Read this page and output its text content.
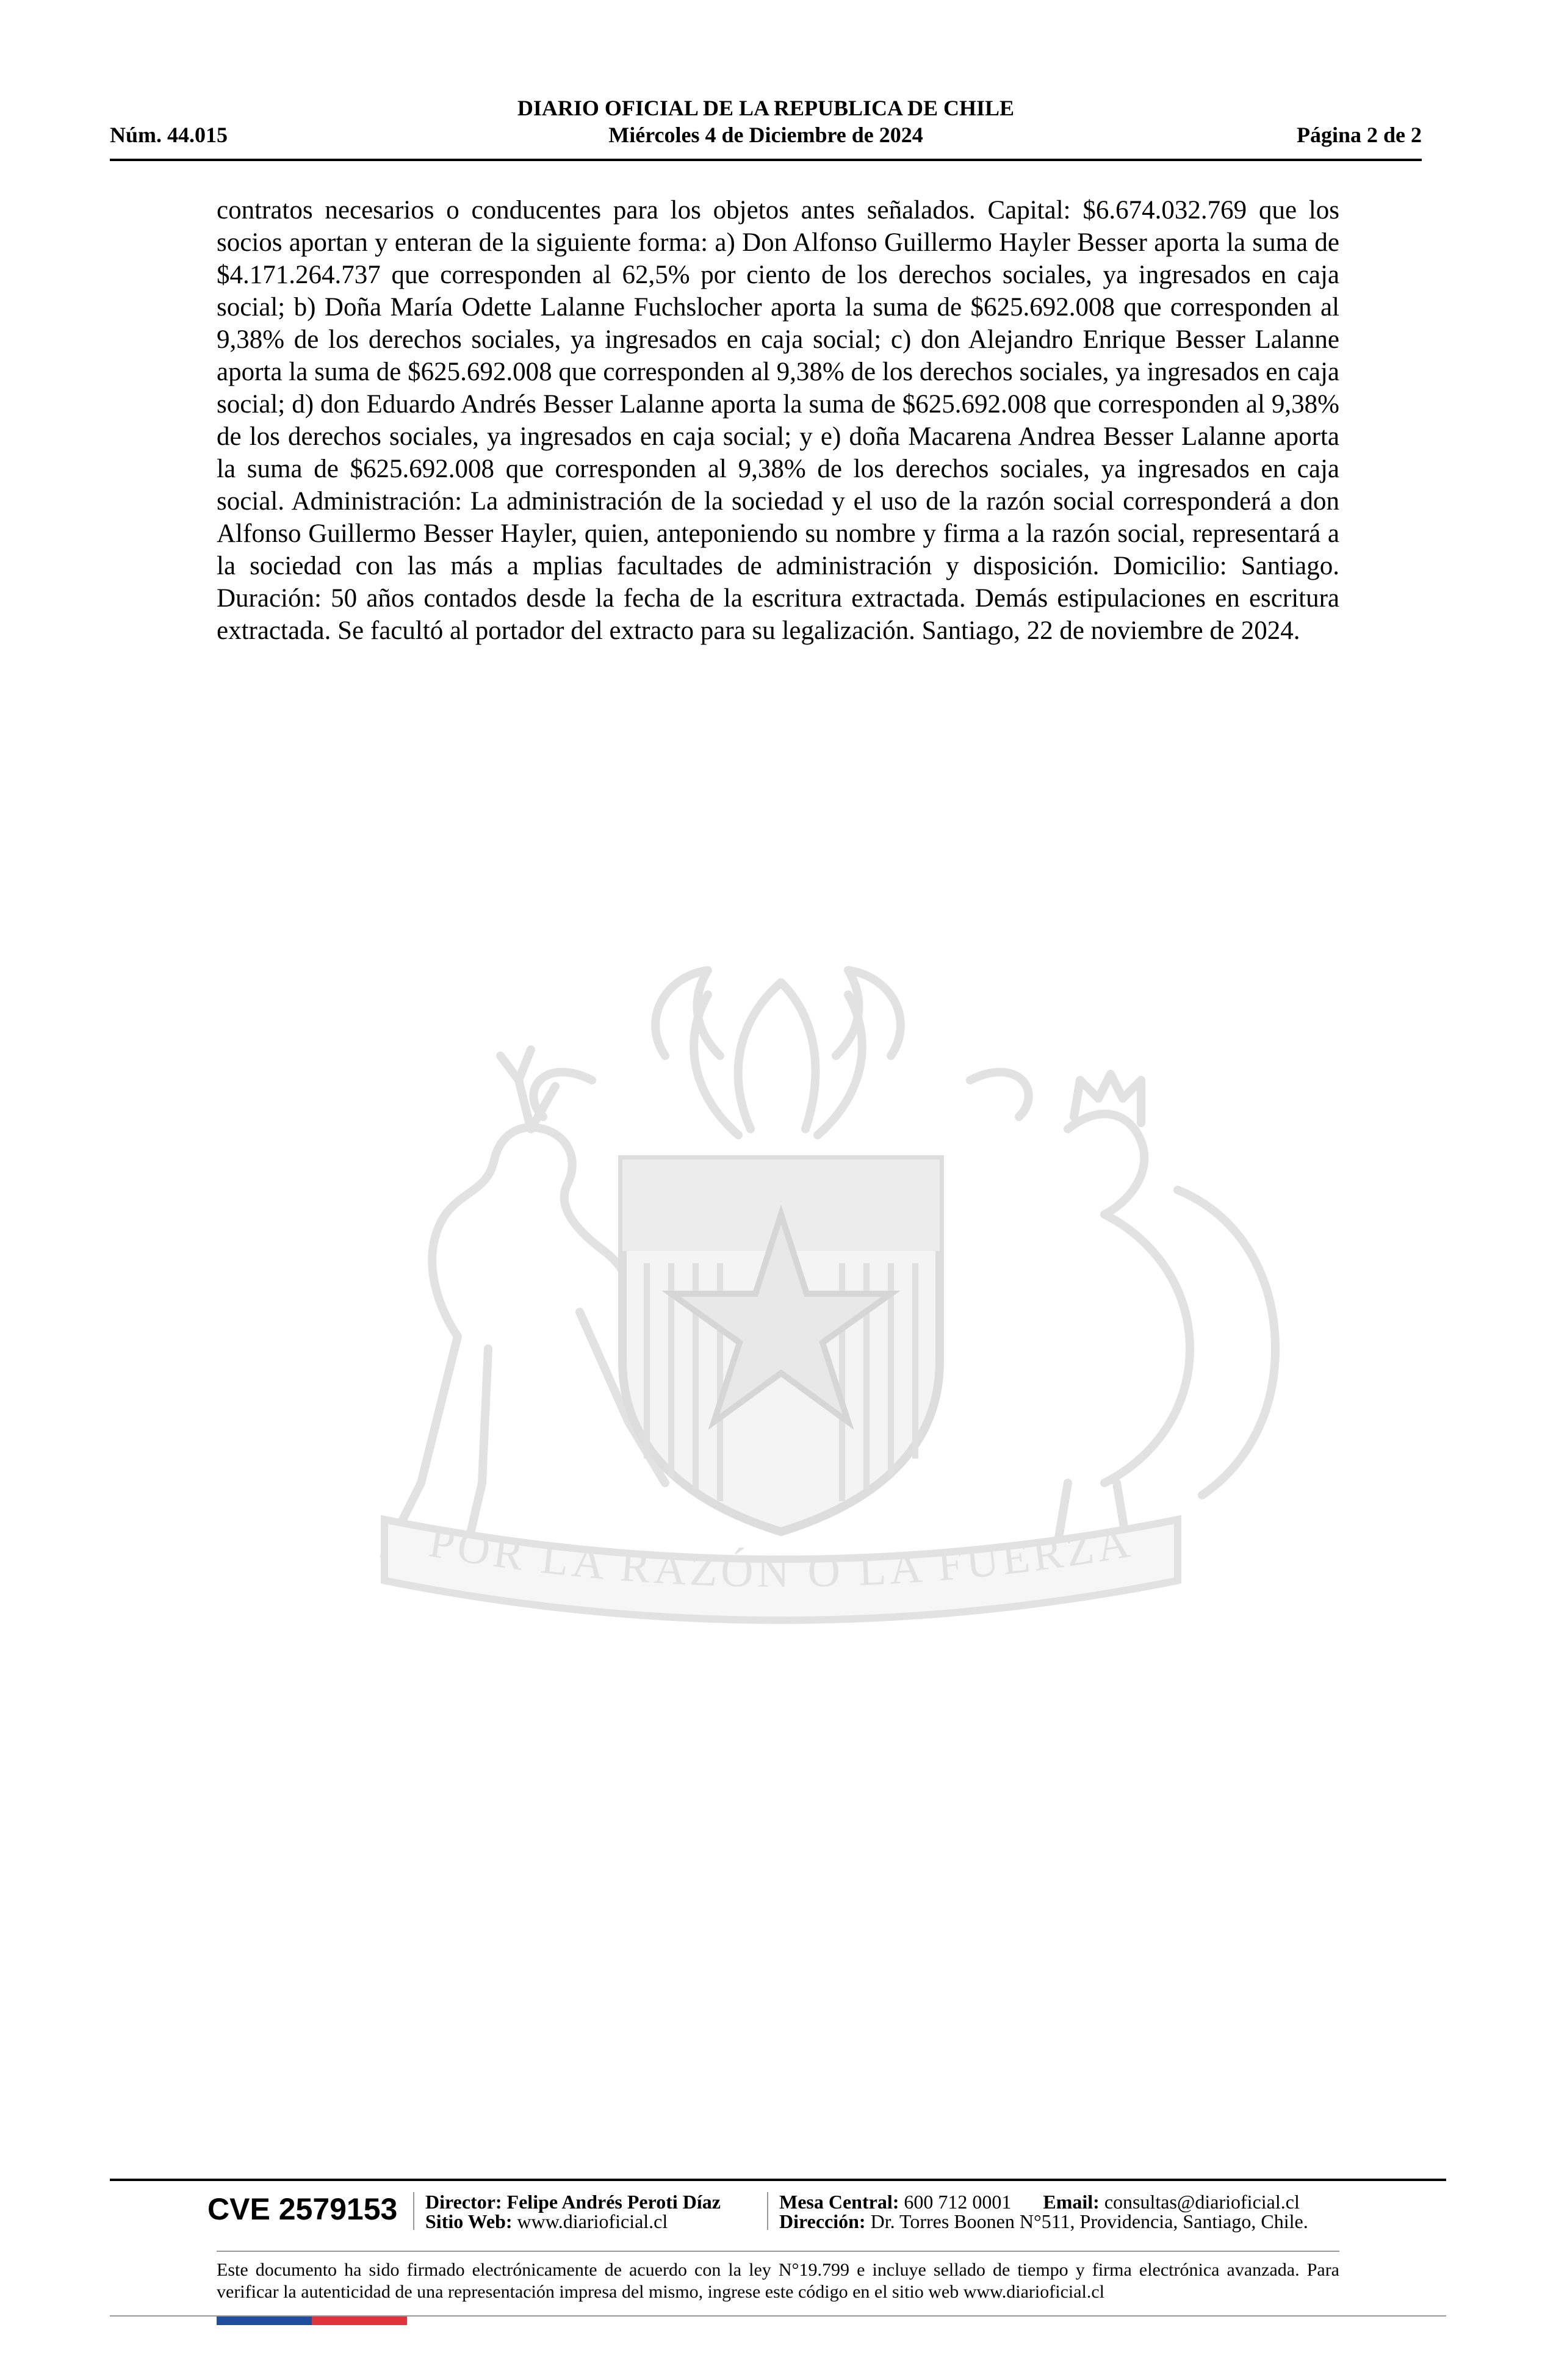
DIARIO OFICIAL DE LA REPUBLICA DE CHILE
Núm. 44.015	Miércoles 4 de Diciembre de 2024	Página 2 de 2
POR LA RAZÓN O LA FUERZA
contratos necesarios o conducentes para los objetos antes señalados. Capital: $6.674.032.769 que los socios aportan y enteran de la siguiente forma: a) Don Alfonso Guillermo Hayler Besser aporta la suma de $4.171.264.737 que corresponden al 62,5% por ciento de los derechos sociales, ya ingresados en caja social; b) Doña María Odette Lalanne Fuchslocher aporta la suma de $625.692.008 que corresponden al 9,38% de los derechos sociales, ya ingresados en caja social; c) don Alejandro Enrique Besser Lalanne aporta la suma de $625.692.008 que corresponden al 9,38% de los derechos sociales, ya ingresados en caja social; d) don Eduardo Andrés Besser Lalanne aporta la suma de $625.692.008 que corresponden al 9,38% de los derechos sociales, ya ingresados en caja social; y e) doña Macarena Andrea Besser Lalanne aporta la suma de $625.692.008 que corresponden al 9,38% de los derechos sociales, ya ingresados en caja social. Administración: La administración de la sociedad y el uso de la razón social corresponderá a don Alfonso Guillermo Besser Hayler, quien, anteponiendo su nombre y firma a la razón social, representará a la sociedad con las más a mplias facultades de administración y disposición. Domicilio: Santiago. Duración: 50 años contados desde la fecha de la escritura extractada. Demás estipulaciones en escritura extractada. Se facultó al portador del extracto para su legalización. Santiago, 22 de noviembre de 2024.
CVE 2579153 Director: Felipe Andrés Peroti Díaz
Sitio Web: www.diarioficial.cl
Mesa Central: 600 712 0001 Email: consultas@diarioficial.cl
Dirección: Dr. Torres Boonen N°511, Providencia, Santiago, Chile.
Este documento ha sido firmado electrónicamente de acuerdo con la ley N°19.799 e incluye sellado de tiempo y firma electrónica avanzada. Para verificar la autenticidad de una representación impresa del mismo, ingrese este código en el sitio web www.diarioficial.cl
